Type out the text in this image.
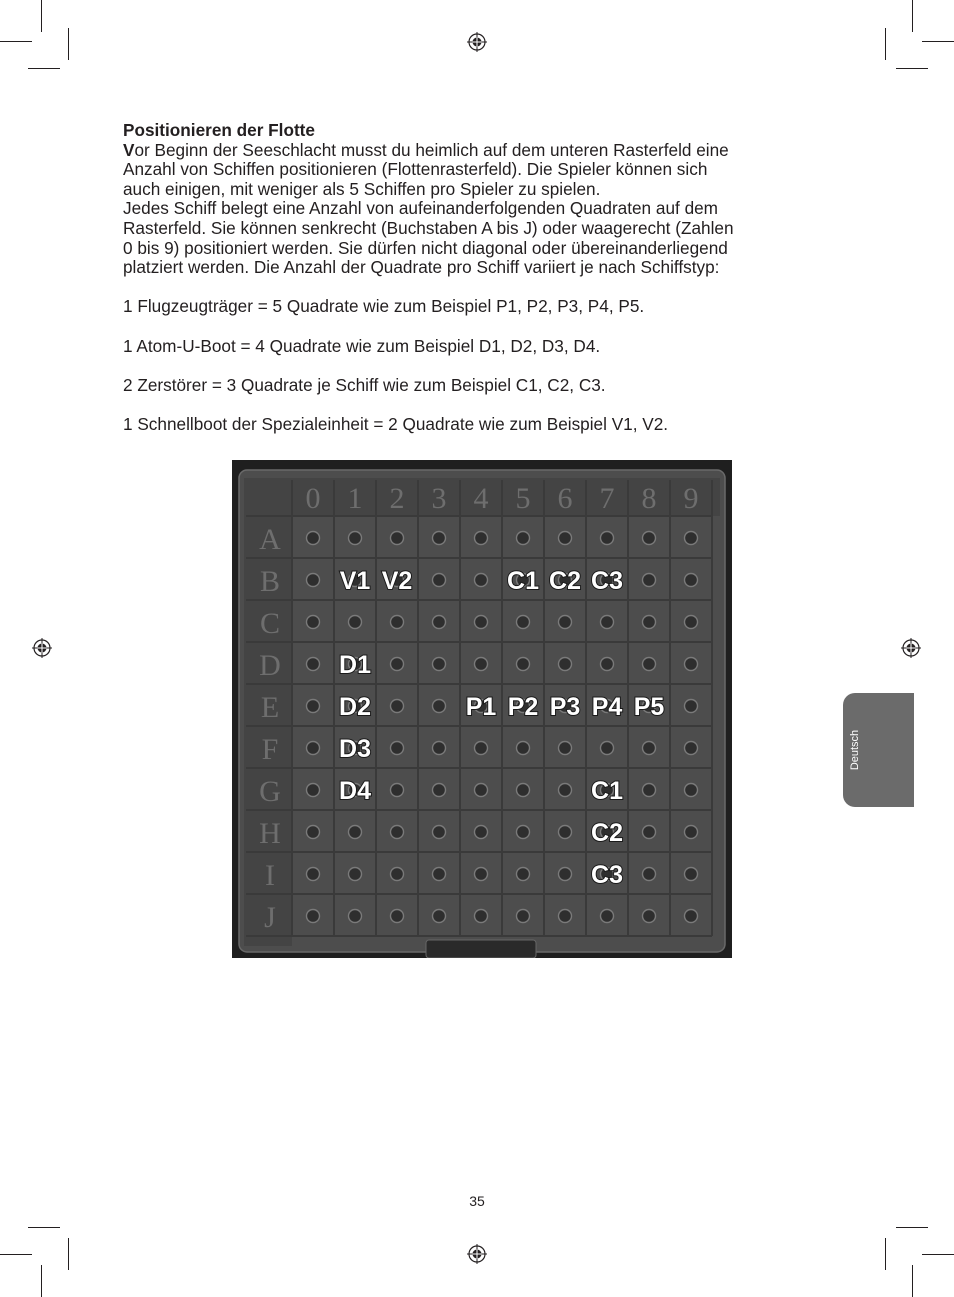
Positionieren der Flotte

Vor Beginn der Seeschlacht musst du heimlich auf dem unteren Rasterfeld eine

Anzahl von Schiffen positionieren (Flottenrasterfeld). Die Spieler können sich

auch einigen, mit weniger als 5 Schiffen pro Spieler zu spielen.

Jedes Schiff belegt eine Anzahl von aufeinanderfolgenden Quadraten auf dem

Rasterfeld. Sie können senkrecht (Buchstaben A bis J) oder waagerecht (Zahlen

0 bis 9) positioniert werden. Sie dürfen nicht diagonal oder übereinanderliegend

platziert werden. Die Anzahl der Quadrate pro Schiff variiert je nach Schiffstyp:

1 Flugzeugträger = 5 Quadrate wie zum Beispiel P1, P2, P3, P4, P5.

1 Atom-U-Boot = 4 Quadrate wie zum Beispiel D1, D2, D3, D4.

2 Zerstörer = 3 Quadrate je Schiff wie zum Beispiel C1, C2, C3.

1 Schnellboot der Spezialeinheit = 2 Quadrate wie zum Beispiel V1, V2.

0 1 2 3 4 5 6 7 8 9
A
B
C
D
E
F
G
H
I
J
V1 V2	C1 C2 C3
D1
D2
D3
D4
P1 P2 P3 P4 P5
C1
C2
C3
Deutsch
35
